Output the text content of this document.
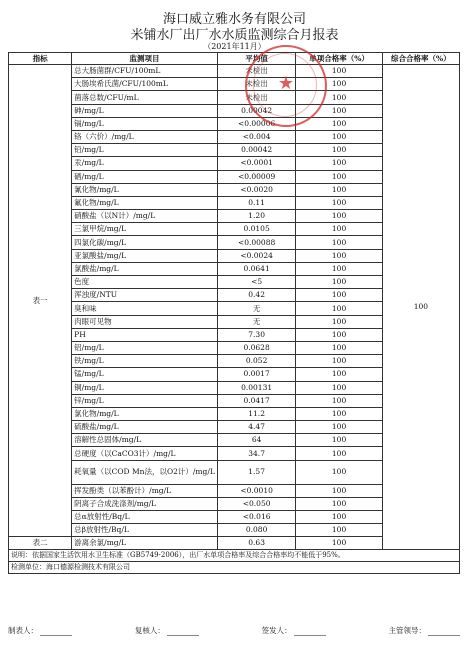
海口威立雅水务有限公司
米铺水厂出厂水水质监测综合月报表
（2021年11月）
指标	监测项目	平均值	单项合格率（%）	综合合格率（%）
表一	总大肠菌群/CFU/100mL	未检出	100	100
	大肠埃希氏菌/CFU/100mL	未检出	100	
	菌落总数/CFU/mL	未检出	100	
	砷/mg/L	0.00042	100	
	镉/mg/L	<0.00006	100	
	铬（六价）/mg/L	<0.004	100	
	铅/mg/L	0.00042	100	
	汞/mg/L	<0.0001	100	
	硒/mg/L	<0.00009	100	
	氰化物/mg/L	<0.0020	100	
	氟化物/mg/L	0.11	100	
	硝酸盐（以N计）/mg/L	1.20	100	
	三氯甲烷/mg/L	0.0105	100	
	四氯化碳/mg/L	<0.00088	100	
	亚氯酸盐/mg/L	<0.0024	100	
	氯酸盐/mg/L	0.0641	100	
	色度	<5	100	
	浑浊度/NTU	0.42	100	
	臭和味	无	100	
	肉眼可见物	无	100	
	PH	7.30	100	
	铝/mg/L	0.0628	100	
	铁/mg/L	0.052	100	
	锰/mg/L	0.0017	100	
	铜/mg/L	0.00131	100	
	锌/mg/L	0.0417	100	
	氯化物/mg/L	11.2	100	
	硫酸盐/mg/L	4.47	100	
	溶解性总固体/mg/L	64	100	
	总硬度（以CaCO3计）/mg/L	34.7	100	
	耗氧量（以COD Mn法，以O2计）/mg/L	1.57	100	
	挥发酚类（以苯酚计）/mg/L	<0.0010	100	
	阴离子合成洗涤剂/mg/L	<0.050	100	
	总α放射性/Bq/L	<0.016	100	
	总β放射性/Bq/L	0.080	100	
表二	游离余氯/mg/L	0.63	100	
说明：依据国家生活饮用水卫生标准（GB5749-2006），出厂水单项合格率及综合合格率均不能低于95%。				
检测单位：海口德源检测技术有限公司				
★
制表人：	复核人：	签发人：	主管领导：
